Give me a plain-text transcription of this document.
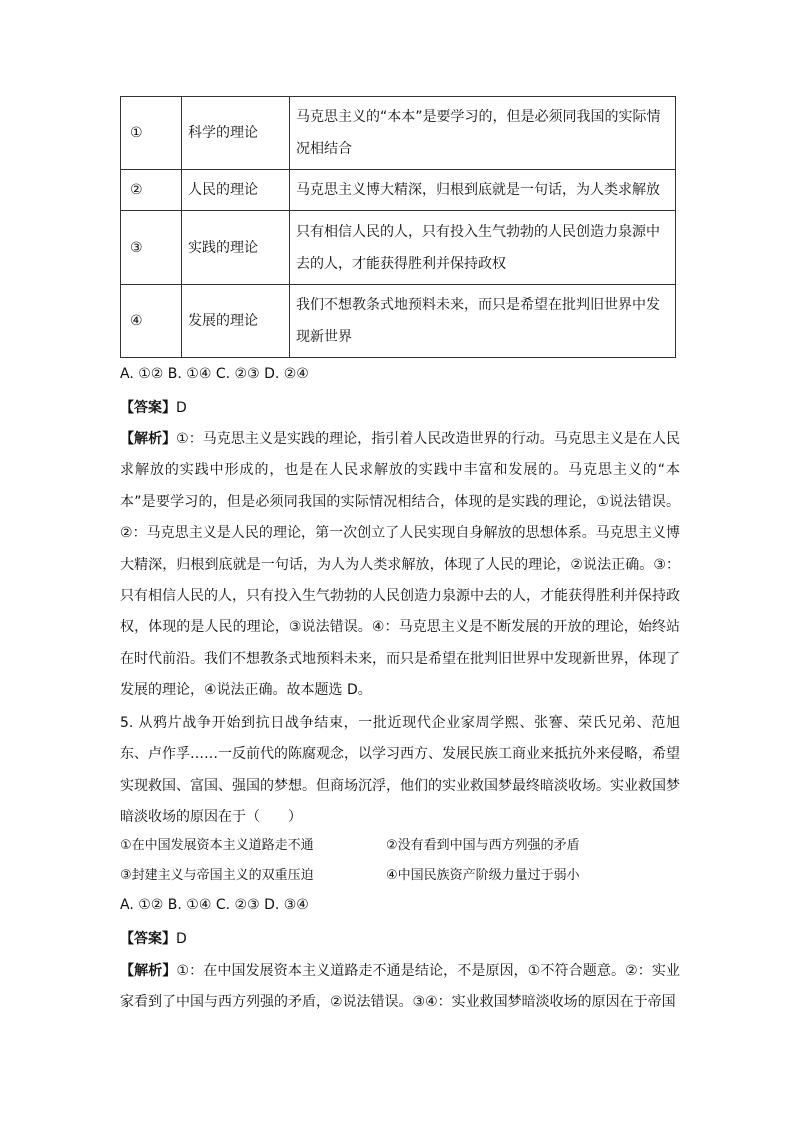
①	科学的理论	马克思主义的“本本”是要学习的，但是必须同我国的实际情况相结合
②	人民的理论	马克思主义博大精深，归根到底就是一句话，为人类求解放
③	实践的理论	只有相信人民的人，只有投入生气勃勃的人民创造力泉源中去的人，才能获得胜利并保持政权
④	发展的理论	我们不想教条式地预料未来，而只是希望在批判旧世界中发现新世界
A. ①② B. ①④ C. ②③ D. ②④
【答案】D
【解析】①：马克思主义是实践的理论，指引着人民改造世界的行动。马克思主义是在人民求解放的实践中形成的，也是在人民求解放的实践中丰富和发展的。马克思主义的“本本”是要学习的，但是必须同我国的实际情况相结合，体现的是实践的理论，①说法错误。②：马克思主义是人民的理论，第一次创立了人民实现自身解放的思想体系。马克思主义博大精深，归根到底就是一句话，为人为人类求解放，体现了人民的理论，②说法正确。③：只有相信人民的人，只有投入生气勃勃的人民创造力泉源中去的人，才能获得胜利并保持政权，体现的是人民的理论，③说法错误。④：马克思主义是不断发展的开放的理论，始终站在时代前沿。我们不想教条式地预料未来，而只是希望在批判旧世界中发现新世界，体现了发展的理论，④说法正确。故本题选 D。
5. 从鸦片战争开始到抗日战争结束，一批近现代企业家周学熙、张謇、荣氏兄弟、范旭东、卢作孚……一反前代的陈腐观念，以学习西方、发展民族工商业来抵抗外来侵略，希望实现救国、富国、强国的梦想。但商场沉浮，他们的实业救国梦最终暗淡收场。实业救国梦暗淡收场的原因在于（　　）
①在中国发展资本主义道路走不通	②没有看到中国与西方列强的矛盾
③封建主义与帝国主义的双重压迫	④中国民族资产阶级力量过于弱小
A. ①② B. ①④ C. ②③ D. ③④
【答案】D
【解析】①：在中国发展资本主义道路走不通是结论，不是原因，①不符合题意。②：实业家看到了中国与西方列强的矛盾，②说法错误。③④：实业救国梦暗淡收场的原因在于帝国
